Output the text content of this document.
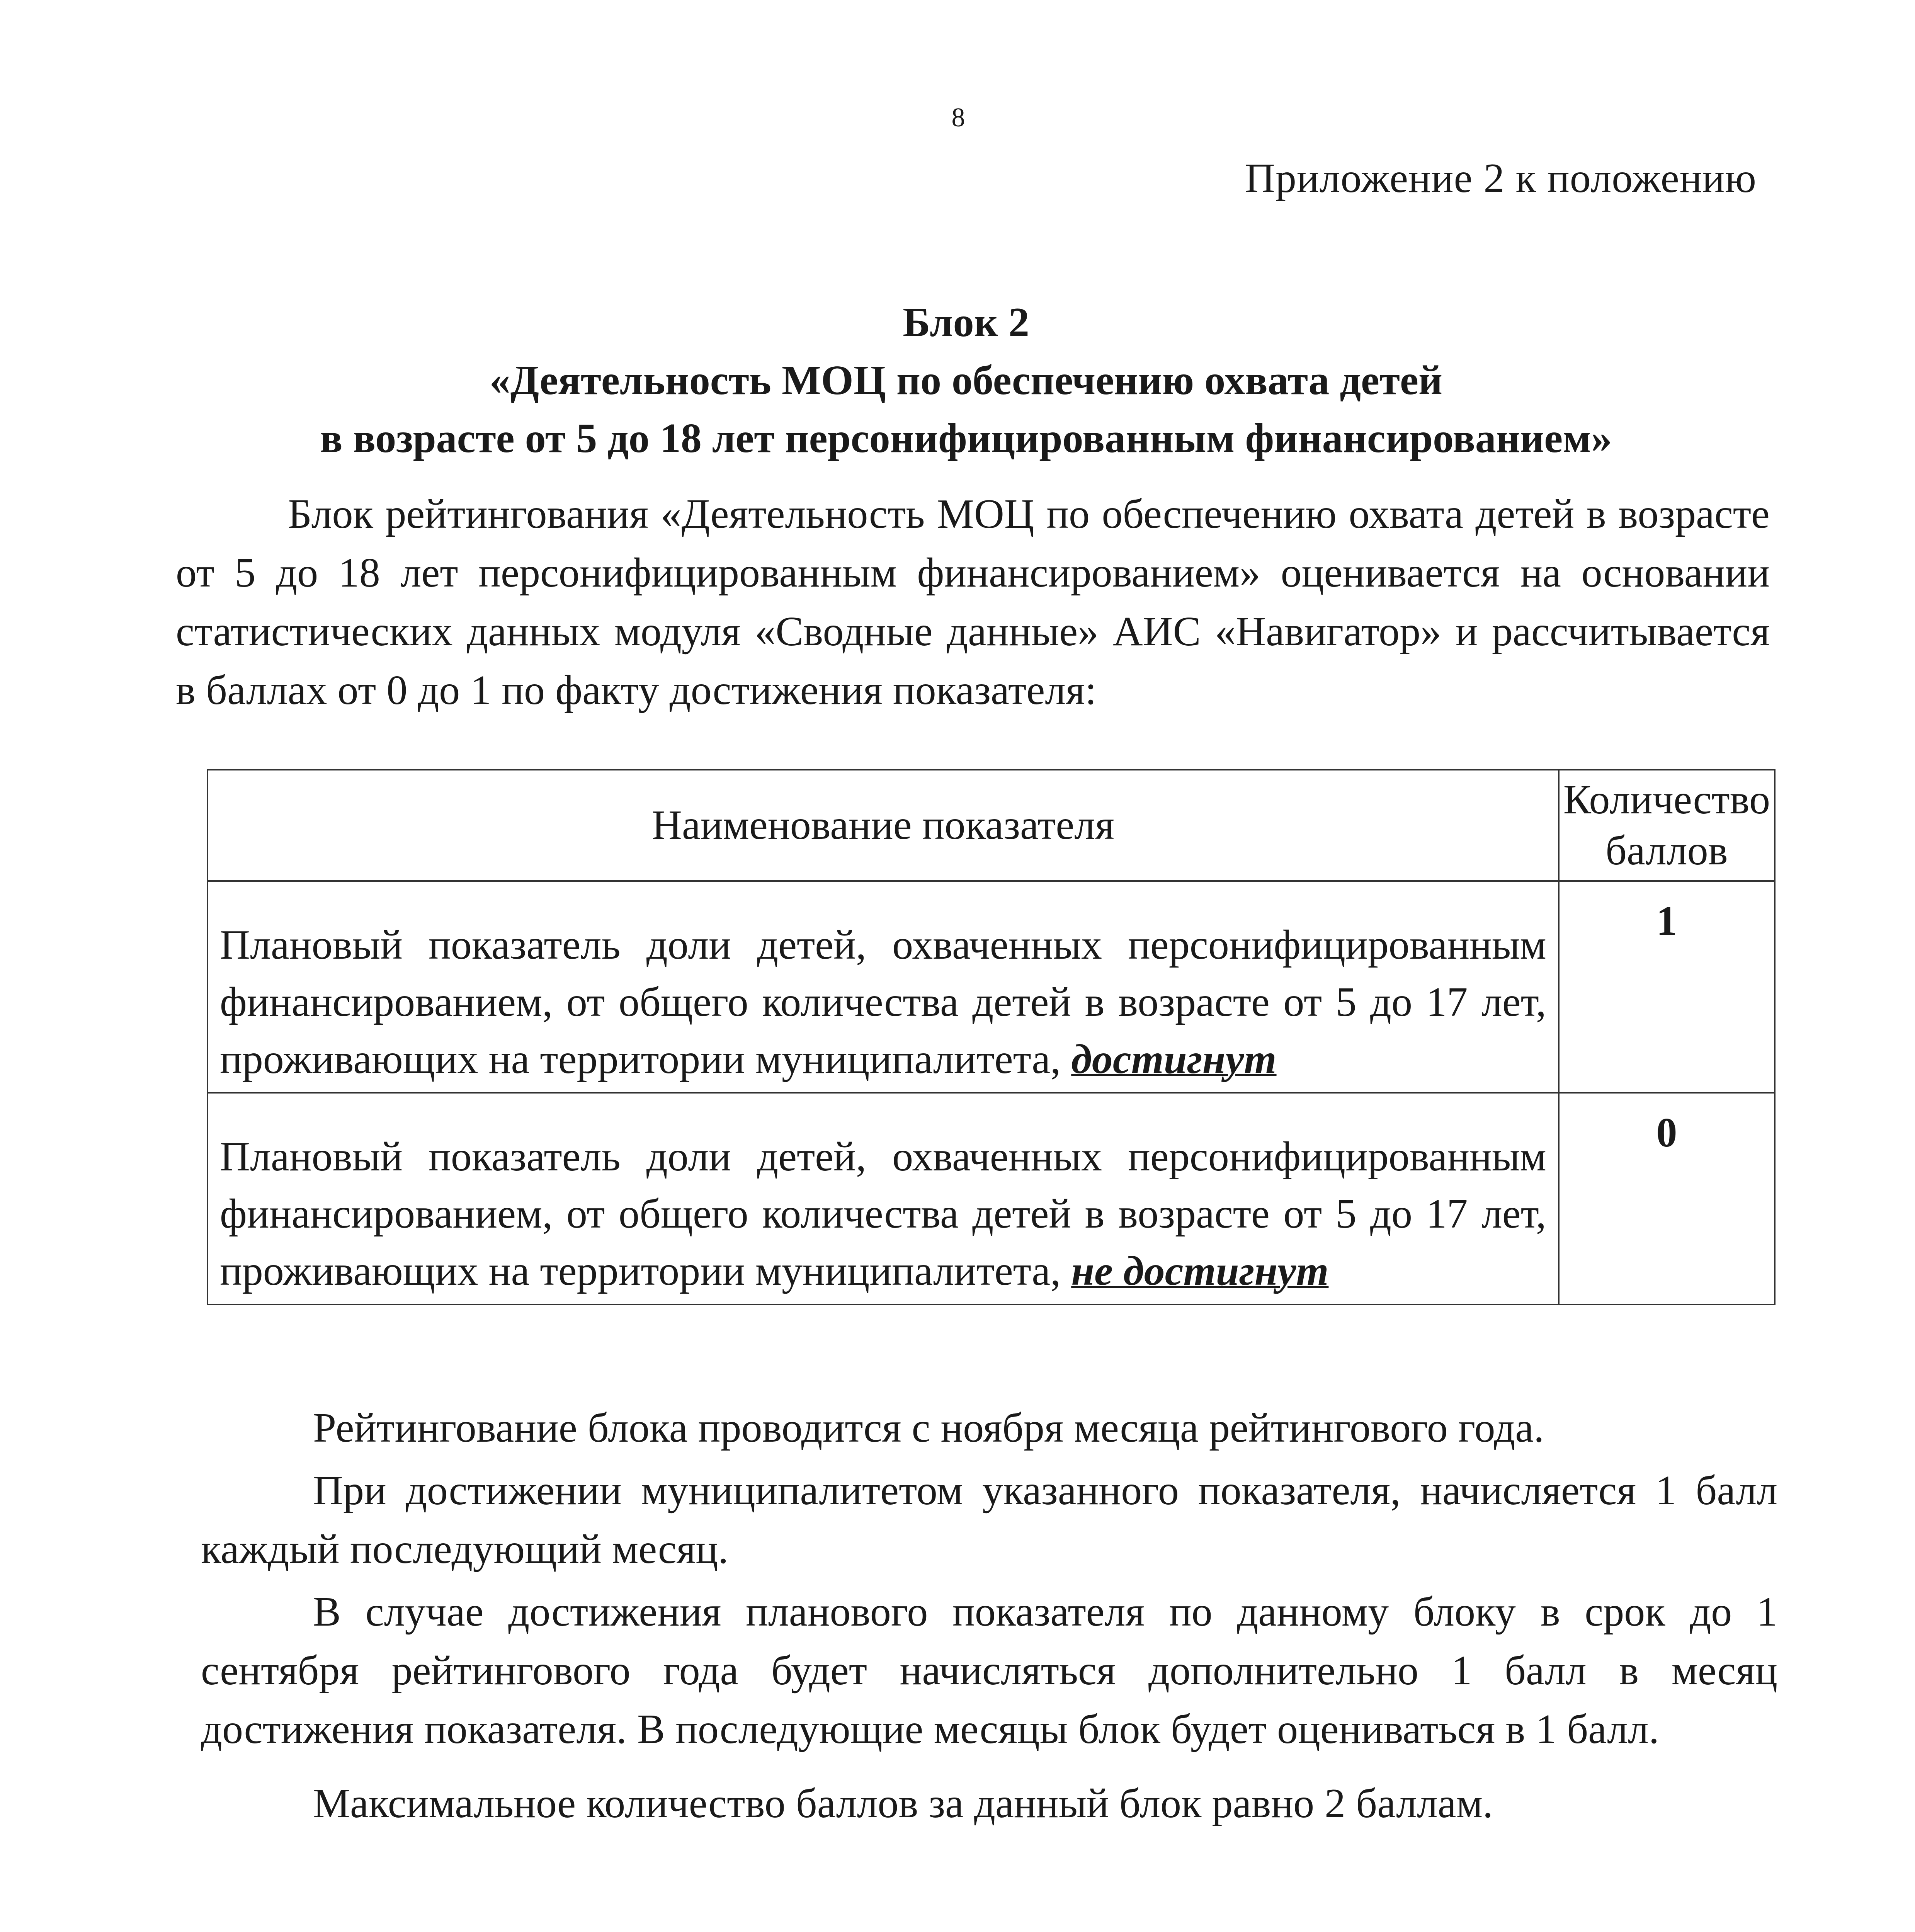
8
Приложение 2 к положению
Блок 2
«Деятельность МОЦ по обеспечению охвата детей
в возрасте от 5 до 18 лет персонифицированным финансированием»
Блок рейтингования «Деятельность МОЦ по обеспечению охвата детей в возрасте от 5 до 18 лет персонифицированным финансированием» оценивается на основании статистических данных модуля «Сводные данные» АИС «Навигатор» и рассчитывается в баллах от 0 до 1 по факту достижения показателя:
Наименование показателя	Количество баллов
Плановый показатель доли детей, охваченных персонифицированным финансированием, от общего количества детей в возрасте от 5 до 17 лет, проживающих на территории муниципалитета, достигнут	1
Плановый показатель доли детей, охваченных персонифицированным финансированием, от общего количества детей в возрасте от 5 до 17 лет, проживающих на территории муниципалитета, не достигнут	0

Рейтингование блока проводится с ноября месяца рейтингового года.

При достижении муниципалитетом указанного показателя, начисляется 1 балл каждый последующий месяц.

В случае достижения планового показателя по данному блоку в срок до 1 сентября рейтингового года будет начисляться дополнительно 1 балл в месяц достижения показателя. В последующие месяцы блок будет оцениваться в 1 балл.

Максимальное количество баллов за данный блок равно 2 баллам.
